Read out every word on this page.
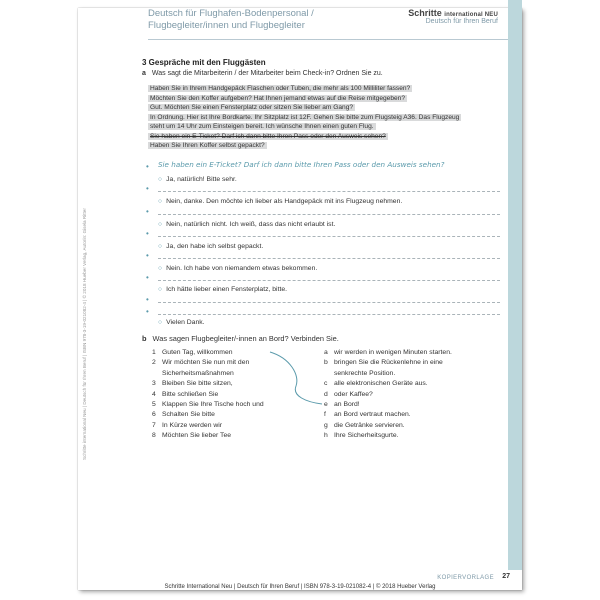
Deutsch für Flughafen-Bodenpersonal /
Flugbegleiter/innen und Flugbegleiter
Schritte international NEU
Deutsch für Ihren Beruf
3 Gespräche mit den Fluggästen
a Was sagt die Mitarbeiterin / der Mitarbeiter beim Check-in? Ordnen Sie zu.
Haben Sie in Ihrem Handgepäck Flaschen oder Tuben, die mehr als 100 Milliliter fassen?
Möchten Sie den Koffer aufgeben? Hat Ihnen jemand etwas auf die Reise mitgegeben?
Gut. Möchten Sie einen Fensterplatz oder sitzen Sie lieber am Gang?
In Ordnung. Hier ist Ihre Bordkarte. Ihr Sitzplatz ist 12F. Gehen Sie bitte zum Flugsteig A36. Das Flugzeug
steht um 14 Uhr zum Einsteigen bereit. Ich wünsche Ihnen einen guten Flug.
Sie haben ein E-Ticket? Darf ich dann bitte Ihren Pass oder den Ausweis sehen?
Haben Sie Ihren Koffer selbst gepackt?
• Sie haben ein E-Ticket? Darf ich dann bitte Ihren Pass oder den Ausweis sehen?
○ Ja, natürlich! Bitte sehr.
•
○ Nein, danke. Den möchte ich lieber als Handgepäck mit ins Flugzeug nehmen.
•
○ Nein, natürlich nicht. Ich weiß, dass das nicht erlaubt ist.
•
○ Ja, den habe ich selbst gepackt.
•
○ Nein. Ich habe von niemandem etwas bekommen.
•
○ Ich hätte lieber einen Fensterplatz, bitte.
•
•
○ Vielen Dank.
b Was sagen Flugbegleiter/-innen an Bord? Verbinden Sie.
1 Guten Tag, willkommen
2 Wir möchten Sie nun mit den
Sicherheitsmaßnahmen
3 Bleiben Sie bitte sitzen,
4 Bitte schließen Sie
5 Klappen Sie Ihre Tische hoch und
6 Schalten Sie bitte
7 In Kürze werden wir
8 Möchten Sie lieber Tee
a wir werden in wenigen Minuten starten.
b bringen Sie die Rückenlehne in eine
senkrechte Position.
c alle elektronischen Geräte aus.
d oder Kaffee?
e an Bord!
f an Bord vertraut machen.
g die Getränke servieren.
h Ihre Sicherheitsgurte.
Schritte international Neu | Deutsch für Ihren Beruf | ISBN 978-3-19-021082-4 | © 2018 Hueber Verlag, Autorin: Gisela Ritter
KOPIERVORLAGE 27
Schritte International Neu | Deutsch für Ihren Beruf | ISBN 978-3-19-021082-4 | © 2018 Hueber Verlag
